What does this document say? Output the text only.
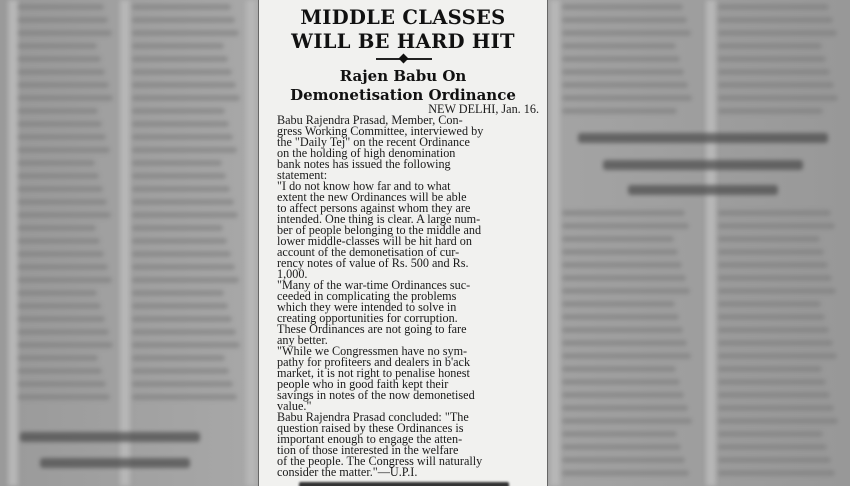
MIDDLE CLASSES
WILL BE HARD HIT
Rajen Babu On
Demonetisation Ordinance
NEW DELHI, Jan. 16.
Babu Rajendra Prasad, Member, Con-
gress Working Committee, interviewed by
the "Daily Tej" on the recent Ordinance
on the holding of high denomination
bank notes has issued the following
statement:
"I do not know how far and to what
extent the new Ordinances will be able
to affect persons against whom they are
intended. One thing is clear. A large num-
ber of people belonging to the middle and
lower middle-classes will be hit hard on
account of the demonetisation of cur-
rency notes of value of Rs. 500 and Rs.
1,000.
"Many of the war-time Ordinances suc-
ceeded in complicating the problems
which they were intended to solve in
creating opportunities for corruption.
These Ordinances are not going to fare
any better.
"While we Congressmen have no sym-
pathy for profiteers and dealers in b'ack
market, it is not right to penalise honest
people who in good faith kept their
savings in notes of the now demonetised
value."
Babu Rajendra Prasad concluded: "The
question raised by these Ordinances is
important enough to engage the atten-
tion of those interested in the welfare
of the people. The Congress will naturally
consider the matter."—U.P.I.
